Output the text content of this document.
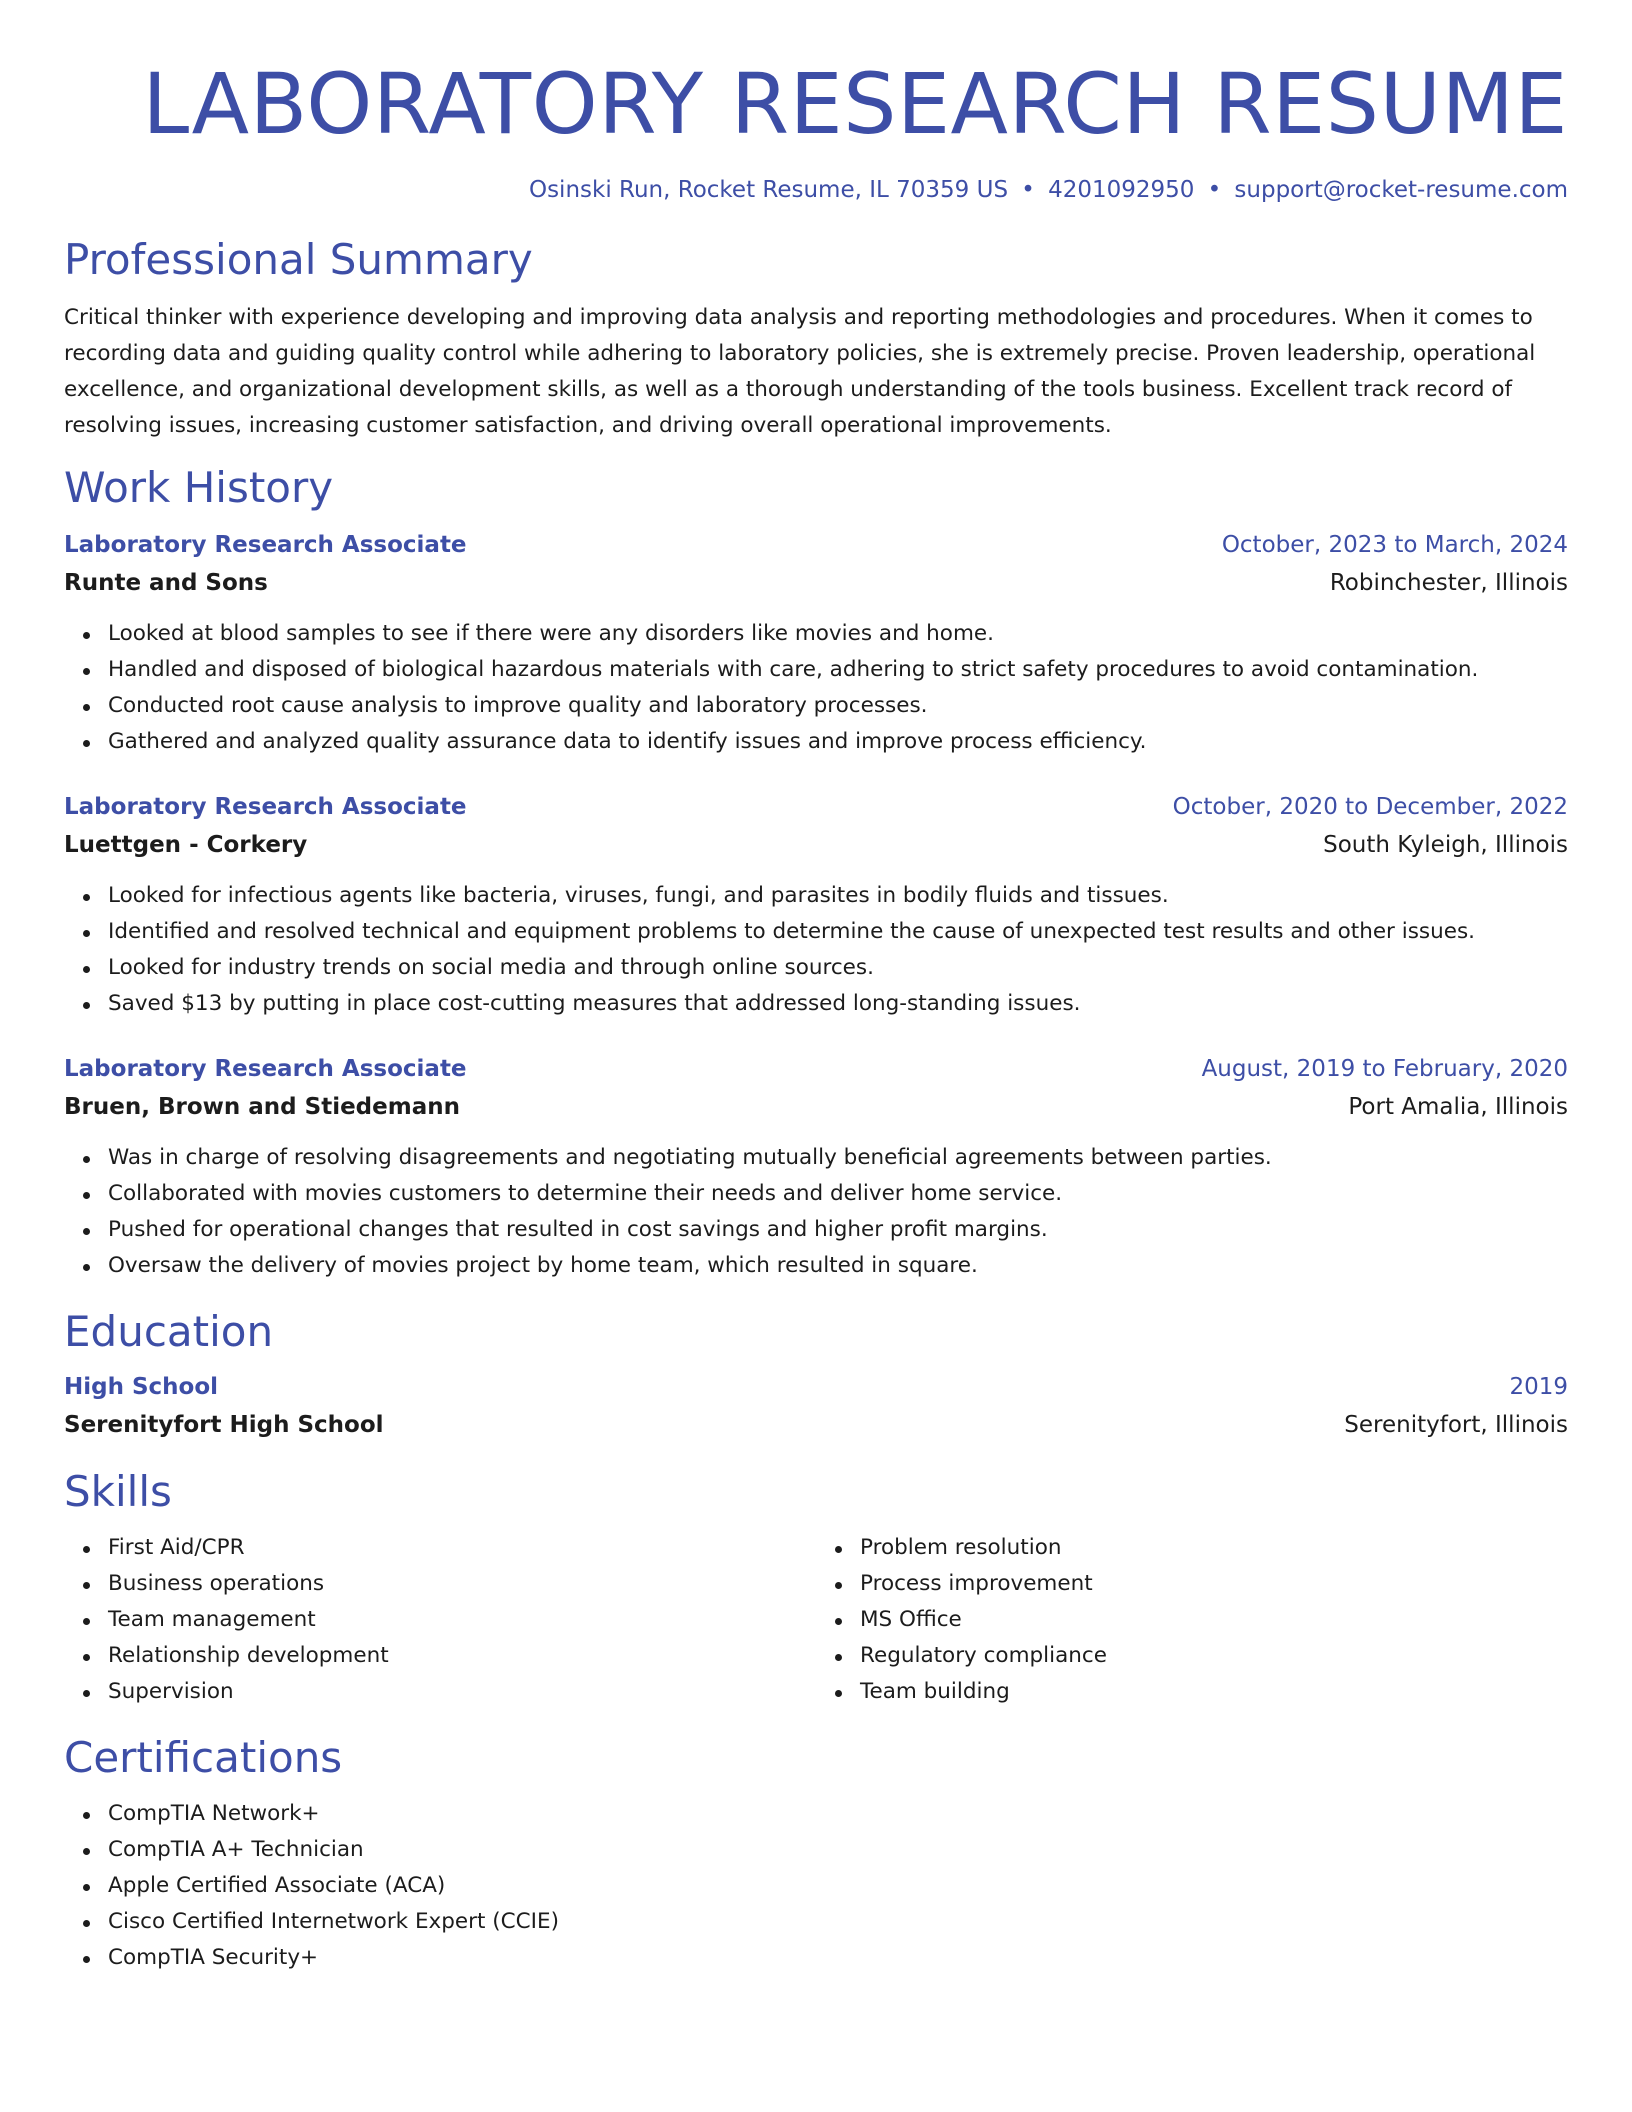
LABORATORY RESEARCH RESUME
Osinski Run, Rocket Resume, IL 70359 US • 4201092950 • support@rocket-resume.com
Professional Summary

Critical thinker with experience developing and improving data analysis and reporting methodologies and procedures. When it comes to recording data and guiding quality control while adhering to laboratory policies, she is extremely precise. Proven leadership, operational excellence, and organizational development skills, as well as a thorough understanding of the tools business. Excellent track record of resolving issues, increasing customer satisfaction, and driving overall operational improvements.

Work History
Laboratory Research Associate	October, 2023 to March, 2024
Runte and Sons	Robinchester, Illinois
Looked at blood samples to see if there were any disorders like movies and home.
Handled and disposed of biological hazardous materials with care, adhering to strict safety procedures to avoid contamination.
Conducted root cause analysis to improve quality and laboratory processes.
Gathered and analyzed quality assurance data to identify issues and improve process efficiency.
Laboratory Research Associate	October, 2020 to December, 2022
Luettgen - Corkery	South Kyleigh, Illinois
Looked for infectious agents like bacteria, viruses, fungi, and parasites in bodily fluids and tissues.
Identified and resolved technical and equipment problems to determine the cause of unexpected test results and other issues.
Looked for industry trends on social media and through online sources.
Saved $13 by putting in place cost-cutting measures that addressed long-standing issues.
Laboratory Research Associate	August, 2019 to February, 2020
Bruen, Brown and Stiedemann	Port Amalia, Illinois
Was in charge of resolving disagreements and negotiating mutually beneficial agreements between parties.
Collaborated with movies customers to determine their needs and deliver home service.
Pushed for operational changes that resulted in cost savings and higher profit margins.
Oversaw the delivery of movies project by home team, which resulted in square.
Education
High School	2019
Serenityfort High School	Serenityfort, Illinois
Skills
First Aid/CPR
Business operations
Team management
Relationship development
Supervision
Problem resolution
Process improvement
MS Office
Regulatory compliance
Team building
Certifications
CompTIA Network+
CompTIA A+ Technician
Apple Certified Associate (ACA)
Cisco Certified Internetwork Expert (CCIE)
CompTIA Security+
